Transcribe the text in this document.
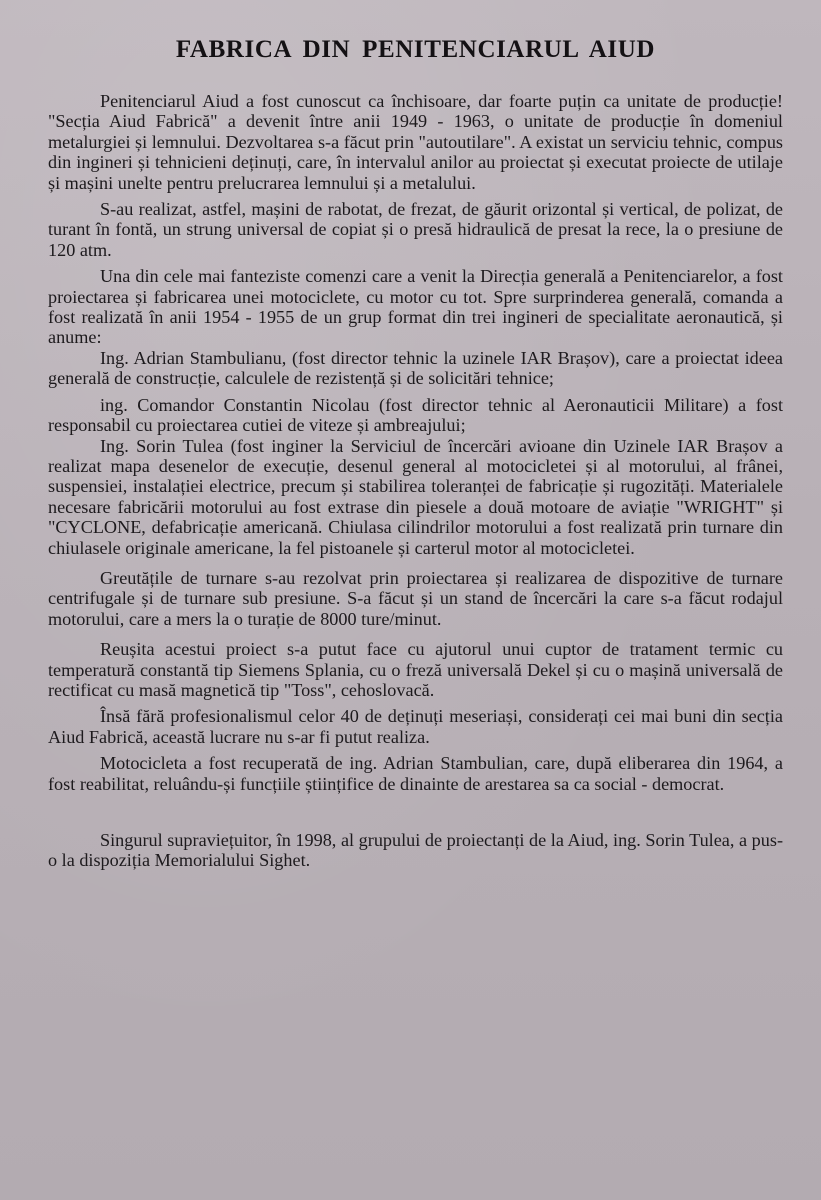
FABRICA DIN PENITENCIARUL AIUD

Penitenciarul Aiud a fost cunoscut ca închisoare, dar foarte puțin ca unitate de producție! "Secția Aiud Fabrică" a devenit între anii 1949 - 1963, o unitate de producție în domeniul metalurgiei și lemnului. Dezvoltarea s-a făcut prin "autoutilare". A existat un serviciu tehnic, compus din ingineri și tehnicieni deținuți, care, în intervalul anilor au proiectat și executat proiecte de utilaje și mașini unelte pentru prelucrarea lemnului și a metalului.

S-au realizat, astfel, mașini de rabotat, de frezat, de găurit orizontal și vertical, de polizat, de turant în fontă, un strung universal de copiat și o presă hidraulică de presat la rece, la o presiune de 120 atm.

Una din cele mai fanteziste comenzi care a venit la Direcția generală a Penitenciarelor, a fost proiectarea și fabricarea unei motociclete, cu motor cu tot. Spre surprinderea generală, comanda a fost realizată în anii 1954 - 1955 de un grup format din trei ingineri de specialitate aeronautică, și anume:

Ing. Adrian Stambulianu, (fost director tehnic la uzinele IAR Brașov), care a proiectat ideea generală de construcție, calculele de rezistență și de solicitări tehnice;

ing. Comandor Constantin Nicolau (fost director tehnic al Aeronauticii Militare) a fost responsabil cu proiectarea cutiei de viteze și ambreajului;

Ing. Sorin Tulea (fost inginer la Serviciul de încercări avioane din Uzinele IAR Brașov a realizat mapa desenelor de execuție, desenul general al motocicletei și al motorului, al frânei, suspensiei, instalației electrice, precum și stabilirea toleranței de fabricație și rugozități. Materialele necesare fabricării motorului au fost extrase din piesele a două motoare de aviație "WRIGHT" și "CYCLONE, defabricație americană. Chiulasa cilindrilor motorului a fost realizată prin turnare din chiulasele originale americane, la fel pistoanele și carterul motor al motocicletei.

Greutățile de turnare s-au rezolvat prin proiectarea și realizarea de dispozitive de turnare centrifugale și de turnare sub presiune. S-a făcut și un stand de încercări la care s-a făcut rodajul motorului, care a mers la o turație de 8000 ture/minut.

Reușita acestui proiect s-a putut face cu ajutorul unui cuptor de tratament termic cu temperatură constantă tip Siemens Splania, cu o freză universală Dekel și cu o mașină universală de rectificat cu masă magnetică tip "Toss", cehoslovacă.

Însă fără profesionalismul celor 40 de deținuți meseriași, considerați cei mai buni din secția Aiud Fabrică, această lucrare nu s-ar fi putut realiza.

Motocicleta a fost recuperată de ing. Adrian Stambulian, care, după eliberarea din 1964, a fost reabilitat, reluându-și funcțiile științifice de dinainte de arestarea sa ca social - democrat.

Singurul supraviețuitor, în 1998, al grupului de proiectanți de la Aiud, ing. Sorin Tulea, a pus-o la dispoziția Memorialului Sighet.
